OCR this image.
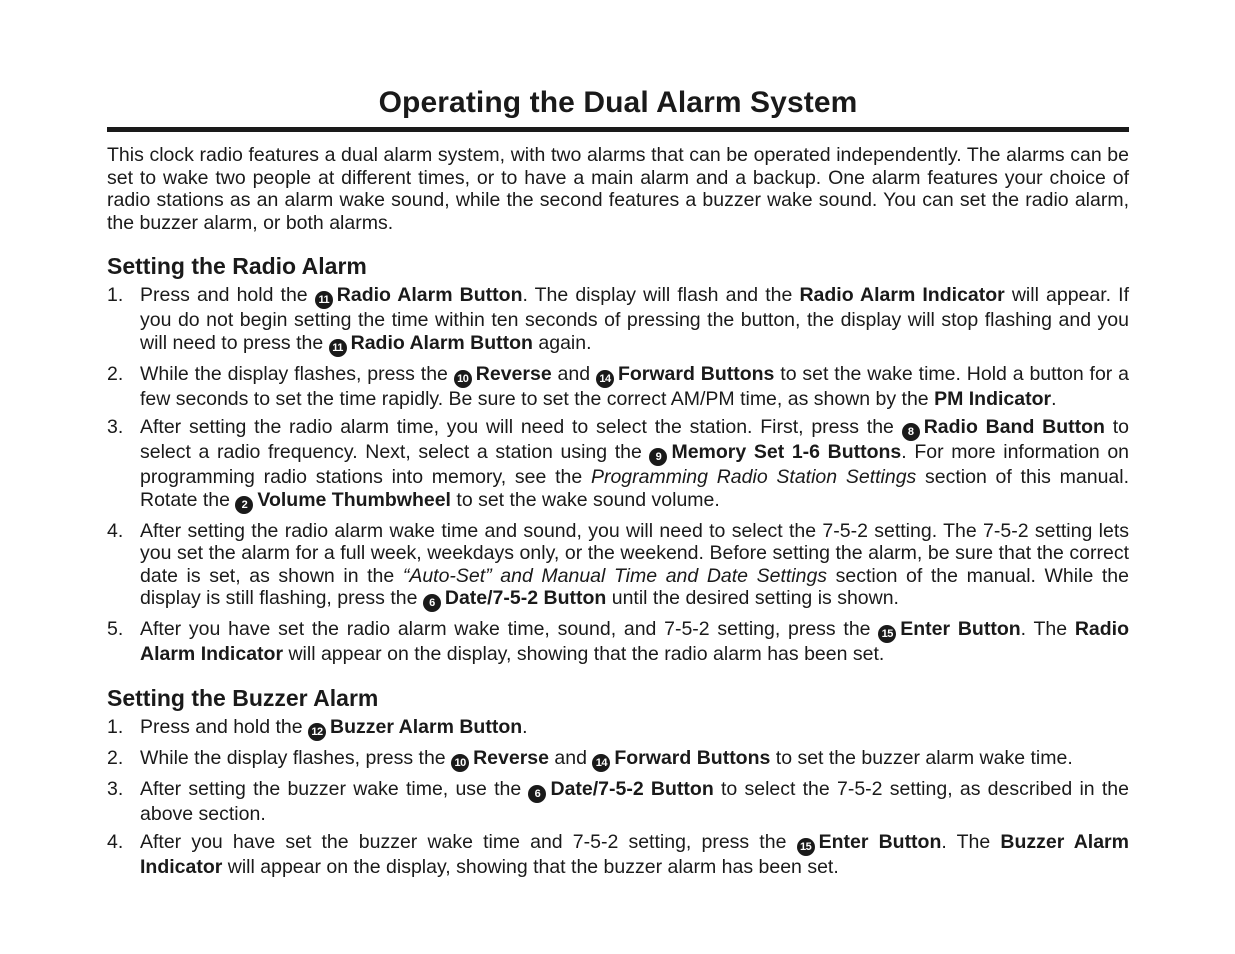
Operating the Dual Alarm System

This clock radio features a dual alarm system, with two alarms that can be operated independently. The alarms can be set to wake two people at different times, or to have a main alarm and a backup. One alarm features your choice of radio stations as an alarm wake sound, while the second features a buzzer wake sound. You can set the radio alarm, the buzzer alarm, or both alarms.

Setting the Radio Alarm
1. Press and hold the 11 Radio Alarm Button. The display will flash and the Radio Alarm Indicator will appear. If you do not begin setting the time within ten seconds of pressing the button, the display will stop flashing and you will need to press the 11 Radio Alarm Button again.
2. While the display flashes, press the 10 Reverse and 14 Forward Buttons to set the wake time. Hold a button for a few seconds to set the time rapidly. Be sure to set the correct AM/PM time, as shown by the PM Indicator.
3. After setting the radio alarm time, you will need to select the station. First, press the 8 Radio Band Button to select a radio frequency. Next, select a station using the 9 Memory Set 1-6 Buttons. For more information on programming radio stations into memory, see the Programming Radio Station Settings section of this manual. Rotate the 2 Volume Thumbwheel to set the wake sound volume.
4. After setting the radio alarm wake time and sound, you will need to select the 7-5-2 setting. The 7-5-2 setting lets you set the alarm for a full week, weekdays only, or the weekend. Before setting the alarm, be sure that the correct date is set, as shown in the “Auto-Set” and Manual Time and Date Settings section of the manual. While the display is still flashing, press the 6 Date/7-5-2 Button until the desired setting is shown.
5. After you have set the radio alarm wake time, sound, and 7-5-2 setting, press the 15 Enter Button. The Radio Alarm Indicator will appear on the display, showing that the radio alarm has been set.
Setting the Buzzer Alarm
1. Press and hold the 12 Buzzer Alarm Button.
2. While the display flashes, press the 10 Reverse and 14 Forward Buttons to set the buzzer alarm wake time.
3. After setting the buzzer wake time, use the 6 Date/7-5-2 Button to select the 7-5-2 setting, as described in the above section.
4. After you have set the buzzer wake time and 7-5-2 setting, press the 15 Enter Button. The Buzzer Alarm Indicator will appear on the display, showing that the buzzer alarm has been set.
